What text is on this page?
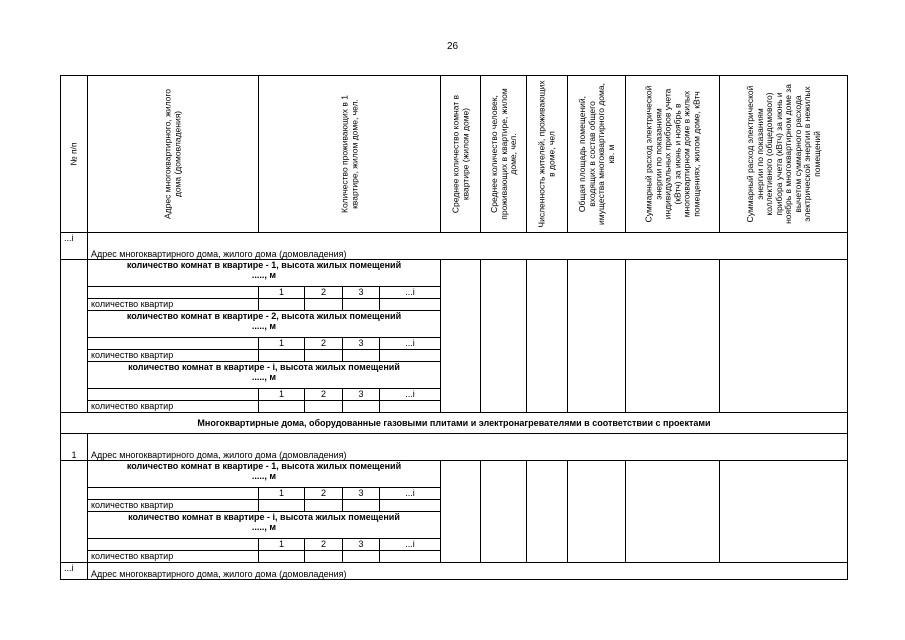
26
№ п/п	Адрес многоквартирного, жилого дома (домовладения)	Количество проживающих в 1 квартире, жилом доме, чел.				Среднее количество комнат в квартире (жилом доме)	Среднее количество человек, проживающих в квартире, жилом доме, чел.	Численность жителей, проживающих в доме, чел	Общая площадь помещений, входящих в состав общего имущества многоквартирного дома, кв. м	Суммарный расход электрической энергии по показаниям индивидуальных приборов учета (кВтч) за июнь и ноябрь в многоквартирном доме в жилых помещениях, жилом доме, кВтч	Суммарный расход электрической энергии по показаниям коллективного (общедомового) прибора учета (кВтч) за июнь и ноябрь в многоквартирном доме за вычетом суммарного расхода электрической энергии в нежилых помещений

...i	Адрес многоквартирного дома, жилого дома (домовладения)										
	количество комнат в квартире - 1, высота жилых помещений
....., м										
		1	2	3	...i						
	количество квартир										
	количество комнат в квартире - 2, высота жилых помещений
....., м										
		1	2	3	...i						
	количество квартир										
	количество комнат в квартире - i, высота жилых помещений
....., м										
		1	2	3	...i						
	количество квартир										
Многоквартирные дома, оборудованные газовыми плитами и электронагревателями в соответствии с проектами											
1	Адрес многоквартирного дома, жилого дома (домовладения)										
	количество комнат в квартире - 1, высота жилых помещений
....., м										
		1	2	3	...i						
	количество квартир										
	количество комнат в квартире - i, высота жилых помещений
....., м										
		1	2	3	...i						
	количество квартир										
...i	Адрес многоквартирного дома, жилого дома (домовладения)										
